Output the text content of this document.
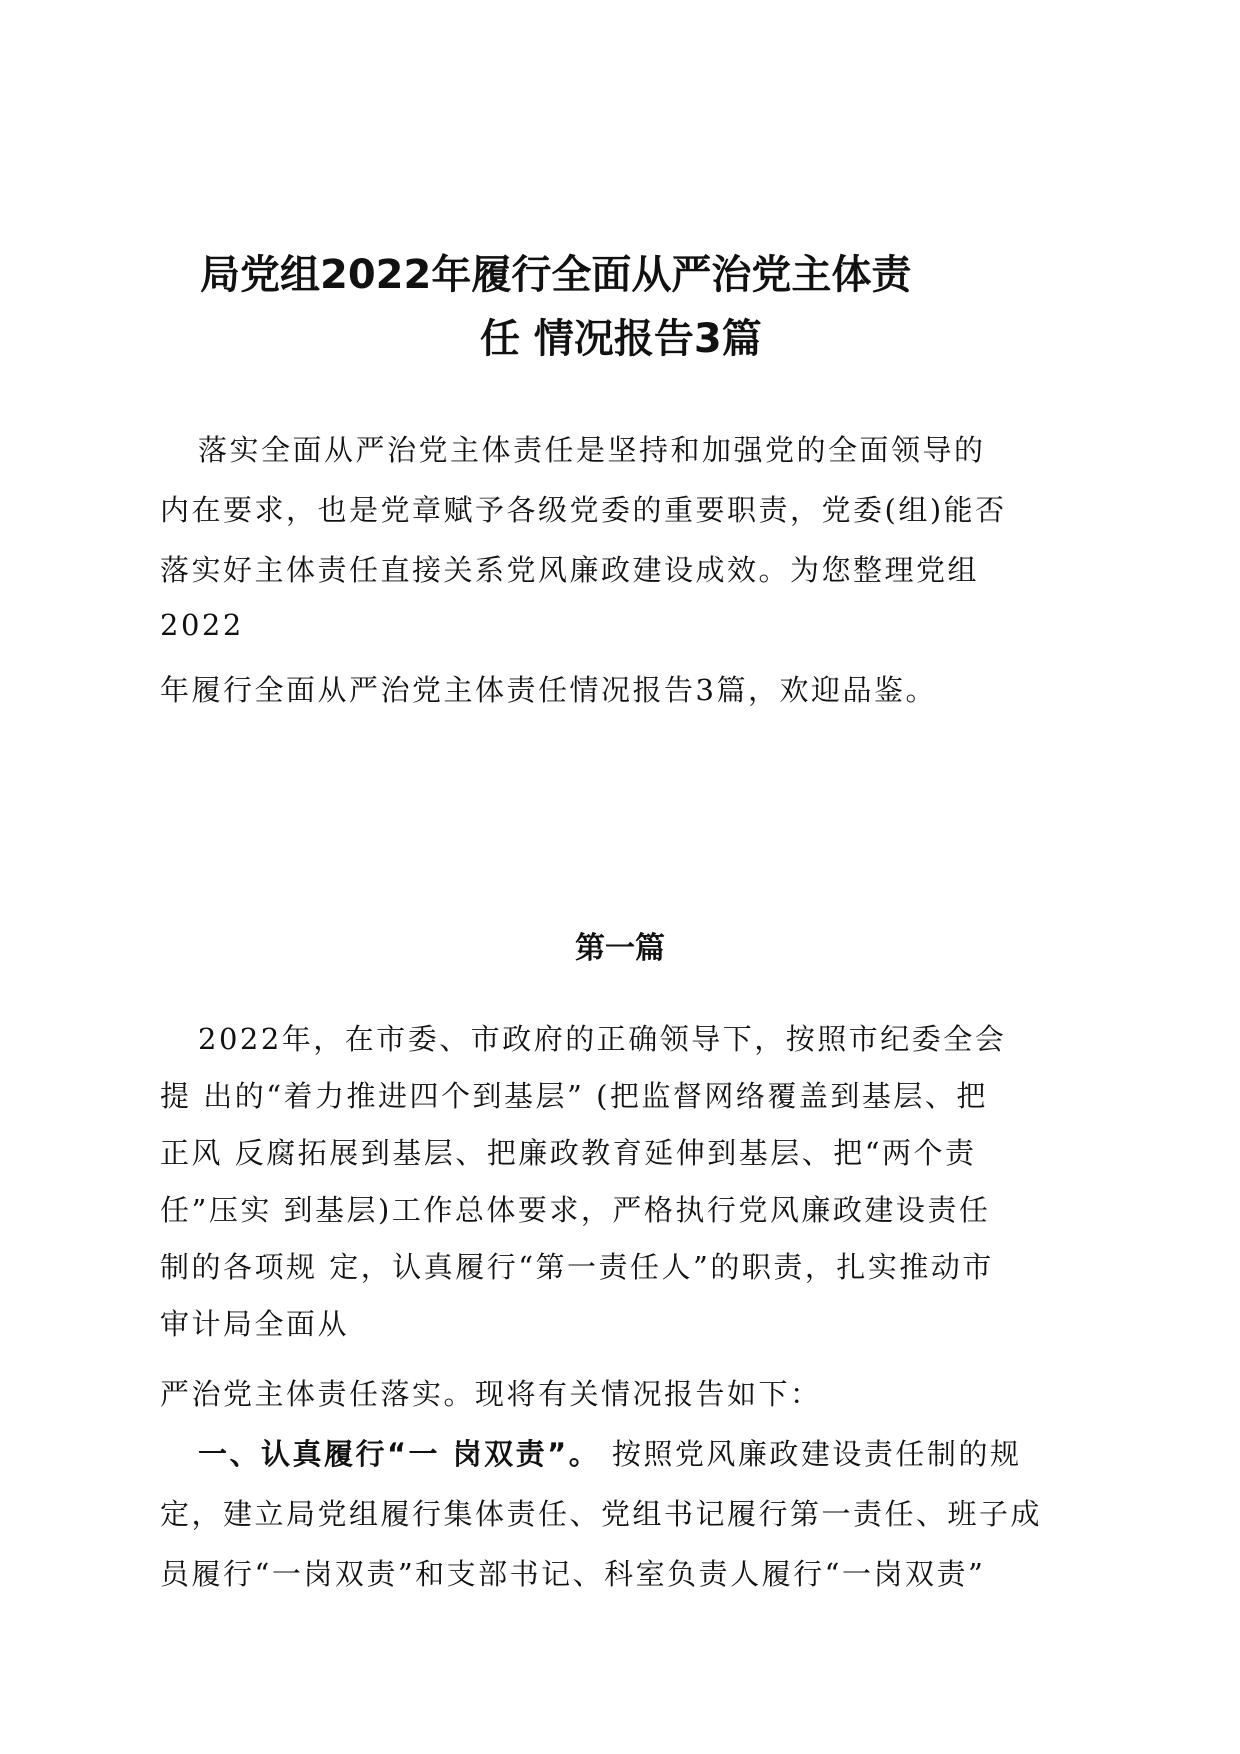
局党组2022年履行全面从严治党主体责
任 情况报告3篇
落实全面从严治党主体责任是坚持和加强党的全面领导的
内在要求，也是党章赋予各级党委的重要职责，党委(组)能否
落实好主体责任直接关系党风廉政建设成效。为您整理党组
2022
年履行全面从严治党主体责任情况报告3篇，欢迎品鉴。
第一篇
2022年，在市委、市政府的正确领导下，按照市纪委全会
提 出的“着力推进四个到基层” (把监督网络覆盖到基层、把
正风 反腐拓展到基层、把廉政教育延伸到基层、把“两个责
任”压实 到基层)工作总体要求，严格执行党风廉政建设责任
制的各项规 定，认真履行“第一责任人”的职责，扎实推动市
审计局全面从
严治党主体责任落实。现将有关情况报告如下：
一、认真履行“一 岗双责”。 按照党风廉政建设责任制的规
定，建立局党组履行集体责任、党组书记履行第一责任、班子成
员履行“一岗双责”和支部书记、科室负责人履行“一岗双责”
